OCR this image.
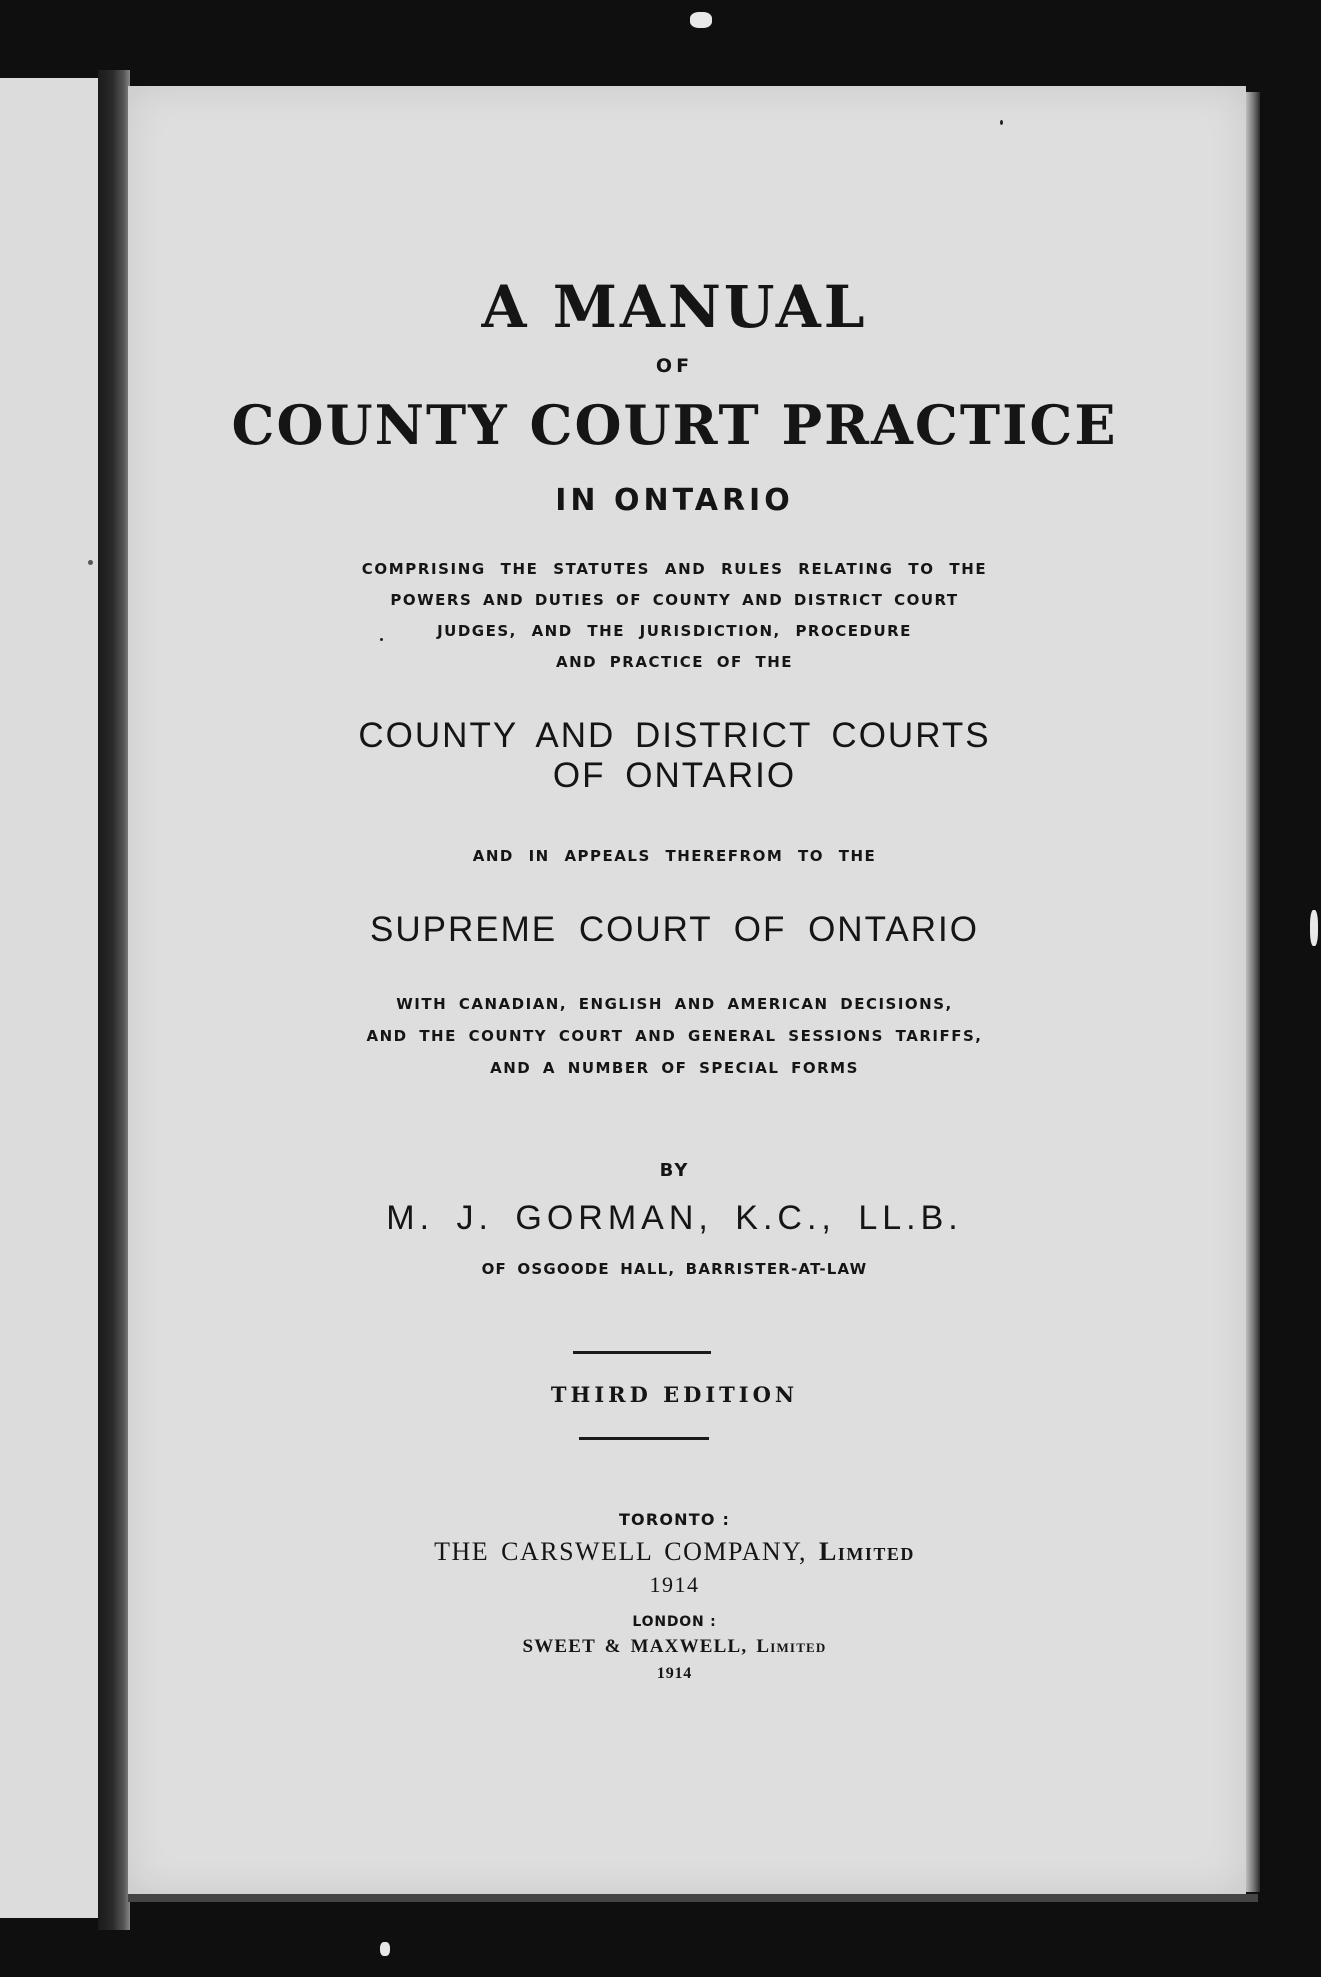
A MANUAL
OF
COUNTY COURT PRACTICE
IN ONTARIO
COMPRISING THE STATUTES AND RULES RELATING TO THE
POWERS AND DUTIES OF COUNTY AND DISTRICT COURT
JUDGES, AND THE JURISDICTION, PROCEDURE
AND PRACTICE OF THE
COUNTY AND DISTRICT COURTS
OF ONTARIO
AND IN APPEALS THEREFROM TO THE
SUPREME COURT OF ONTARIO
WITH CANADIAN, ENGLISH AND AMERICAN DECISIONS,
AND THE COUNTY COURT AND GENERAL SESSIONS TARIFFS,
AND A NUMBER OF SPECIAL FORMS
BY
M. J. GORMAN, K.C., LL.B.
OF OSGOODE HALL, BARRISTER-AT-LAW
THIRD EDITION
TORONTO :
THE CARSWELL COMPANY, Limited
1914
LONDON :
SWEET & MAXWELL, Limited
1914
